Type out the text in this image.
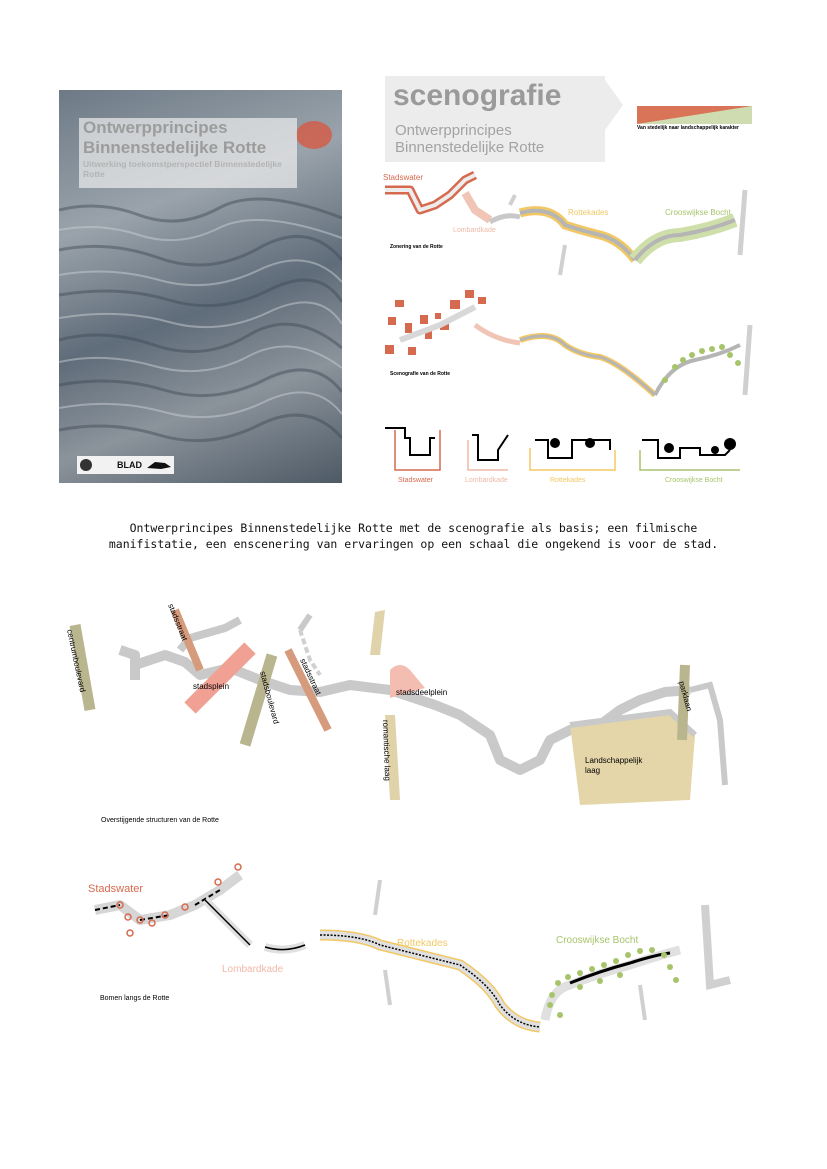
Ontwerpprincipes
Binnenstedelijke Rotte
Uitwerking toekomstperspectief Binnenstedelijke Rotte
BLAD
scenografie
Ontwerpprincipes
Binnenstedelijke Rotte
Van stedelijk naar landschappelijk karakter
Stadswater
Lombardkade
Rottekades	Crooswijkse Bocht
Zonering van de Rotte
Scenografie van de Rotte
Stadswater	Lombardkade	Rottekades	Crooswijkse Bocht
Ontwerprincipes Binnenstedelijke Rotte met de scenografie als basis; een filmische
manifistatie, een enscenering van ervaringen op een schaal die ongekend is voor de stad.
centrumboulevard
stadsstraat
stadsplein	stadsboulevard stadsstraat	stadsdeelplein
romantische laag	Landschappelijk
laag
parklaan
Overstijgende structuren van de Rotte
Stadswater
Lombardkade
Rottekades	Crooswijkse Bocht
Bomen langs de Rotte
